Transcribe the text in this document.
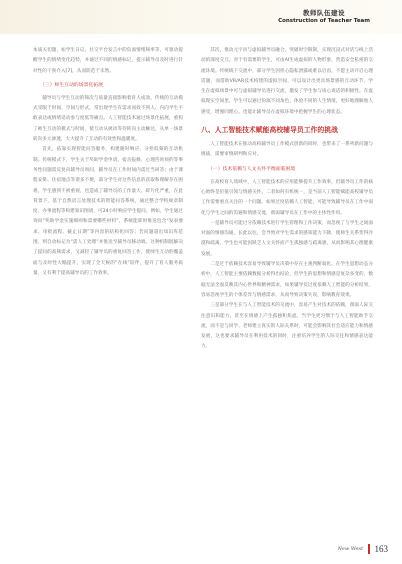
教师队伍建设
Construction of Teacher Team

本质关切题，如学生日记、社交平台发言中的负面情绪频率等，可驱动提醒学生的情绪变化趋势，并通过不同的情感标记，提示辅导员及时进行针对性的干预介入[7]，从而防范于未然。

（三）师生互动的场景化拓展

辅导员与学生互动的频次与质量直接影响着育人成效。传统的互动模式受限于时间、空间与形式，常出现学生有需求而找不到人、内向学生不敢表达或情绪话动参与度低等痛点。人工智能技术通过场景化拓展，重构了师生互动的模式与时间，使互动从被动等待转向主动触达，从单一场景转向多元渗透，大大提升了互动的有效性和温暖度。

首先，依靠实现智能问答服务，构建随时响应、分担低频的互动机制。传统模式下，学生关于奖助学金申请、宿舍报修、心理咨询预约等事务性问题需反复向辅导员询问，辅导员在工作时间内需过当回答；由于课程安排、住宿地点等诸多不便，部分学生对这些信息的获取和理解存在困难，学生感到不被重视，也造成了辅导员的工作量大、碎片化严重，在此背景下，基于自然语言处理技术的智能问答系统，通过整合学校规章制度、办事流程等构建知识图谱，可24小时响应学生提问。例如，学生通过询问“奖助学金实施细则和需要哪些材料”，系统能即时推送包含“发表要求、审批流程、截止日期”等内容的结构化回答；若问题超出知识库范围，则自动标记为“需人工处理”并推送至辅导员移动端。这种机制既解决了提问的高频需求，又减轻了辅导员的重复回答工作，使师生互动的覆盖面与及时性大幅提升，实现了全天候的“在线”陪伴，提升了育人服务质量，又有利于提高辅导员的工作效率。

其次，推动元宇宙与虚拟辅导员融合，突破时空限制，实现沉浸式对话与线上活动的深度交互。对于有需要的学生，可由AI生成虚拟的人物形象，营造安全私密的交流环境。传统线下交流中，部分学生因担心隐私泄露或难以启齿，不愿主动开启心理话题，而借助VR/AR技术构建的虚拟空间，可以设计出更具场景感的互动环节，学生在虚拟场景中可与虚拟辅导员进行交流，激发了学生参与谈心谈话的积极性。在虚拟现实空间里，学生可以通过扮演不同角色，体验不同的人生情境，更好地理解他人感受，增强同理心。也能让辅导员在虚拟环境中把握学生的心理状态。

八、人工智能技术赋能高校辅导员工作的挑战

人工智能技术在推动高校辅导员工作模式创新的同时，也带来了一系列新问题与挑战，需要审慎研判和应对。

（一）技术依赖与人文关怀平衡面临困境

在高校育人场域中，人工智能技术的应用能够提升工作效率，但辅导员工作的核心始终是价值引领与情感关怀。二者如何有机统一，是当前人工智能赋能高校辅导员工作需要重点关注的一个问题。如果过度依赖人工智能，可能导致辅导员在工作中弱化与学生之间的沟通和情感交流，削弱辅导员在工作中的主体性作用。

一是辅导员可能过分依赖技术进行学生管理和工作决策，而忽视了与学生之间面对面的情感沟通，长此以往，会导致对学生需求的感知能力下降，使师生关系变得冷漠和疏离，学生也可能因缺乏人文关怀而产生孤独感与疏离感，从而影响其心理健康发展。

二是过于依赖技术容易导致辅导员决策中存在主观判断弱化。在学生思想动态分析中，人工智能主要依赖数据分析得出结论，但学生的思想和情感是复杂多变的，数据无法全面反映其内心世界和精神需求，如果辅导员过度依赖人工智能的分析结果，容易忽视学生的个体差异与情感需求，从而导致决策失误，影响教育效果。

三是部分学生在与人工智能技术的交流中，容易产生对技术的依赖，削弱人际交往意识和能力，甚至在情感上产生孤独和焦虑。当学生更习惯于与人工智能助手交流，而不是与同学、老师建立真实的人际关系时，可能会影响其社会适应能力和情感发展，这也要求辅导员在利用技术的同时，注重培养学生的人际交往和情感表达能力。

New West 163
